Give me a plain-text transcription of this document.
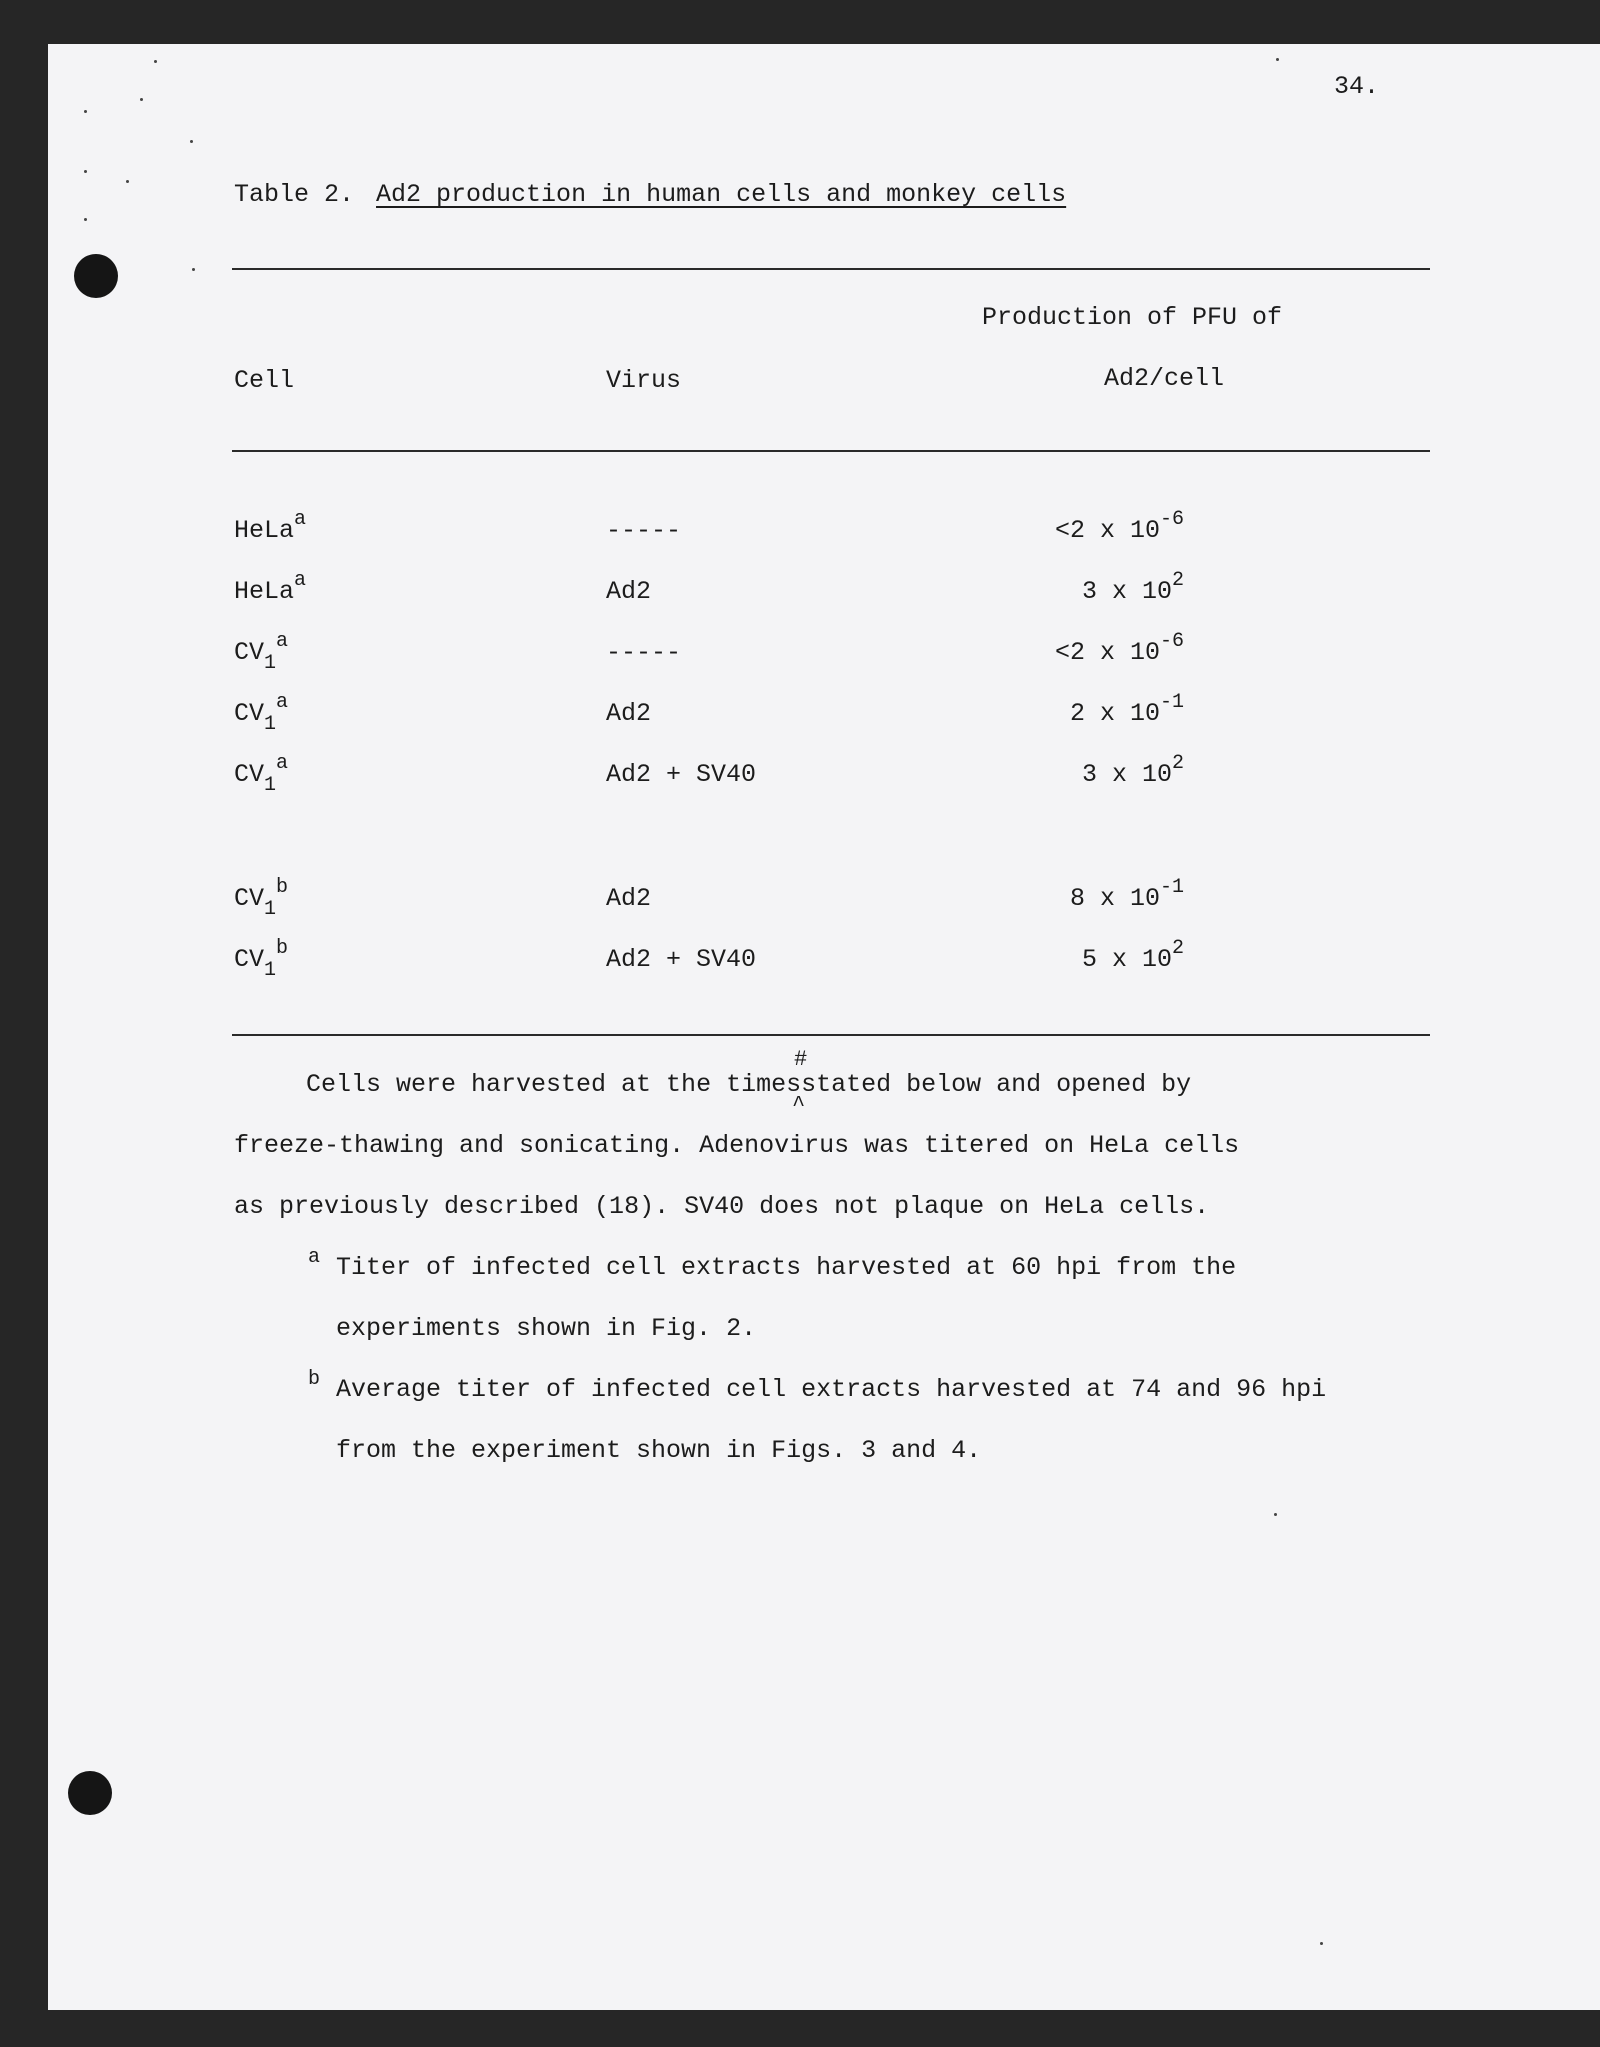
34.
Table 2. Ad2 production in human cells and monkey cells
Production of PFU of
Cell	Virus	Ad2/cell
HeLa$^a$	-----	<2 x $10^{-6}$
HeLa$^a$	Ad2	3 x $10^2$
$CV_1^a$	-----	<2 x $10^{-6}$
$CV_1^a$	Ad2	2 x $10^{-1}$
$CV_1^a$	Ad2 + SV40	3 x $10^2$
$CV_1^b$	Ad2	8 x $10^{-1}$
$CV_1^b$	Ad2 + SV40	5 x $10^2$
#
Cells were harvested at the timesstated below and opened by
^
freeze-thawing and sonicating. Adenovirus was titered on HeLa cells
as previously described (18). SV40 does not plaque on HeLa cells.
a Titer of infected cell extracts harvested at 60 hpi from the
experiments shown in Fig. 2.
b Average titer of infected cell extracts harvested at 74 and 96 hpi
from the experiment shown in Figs. 3 and 4.
